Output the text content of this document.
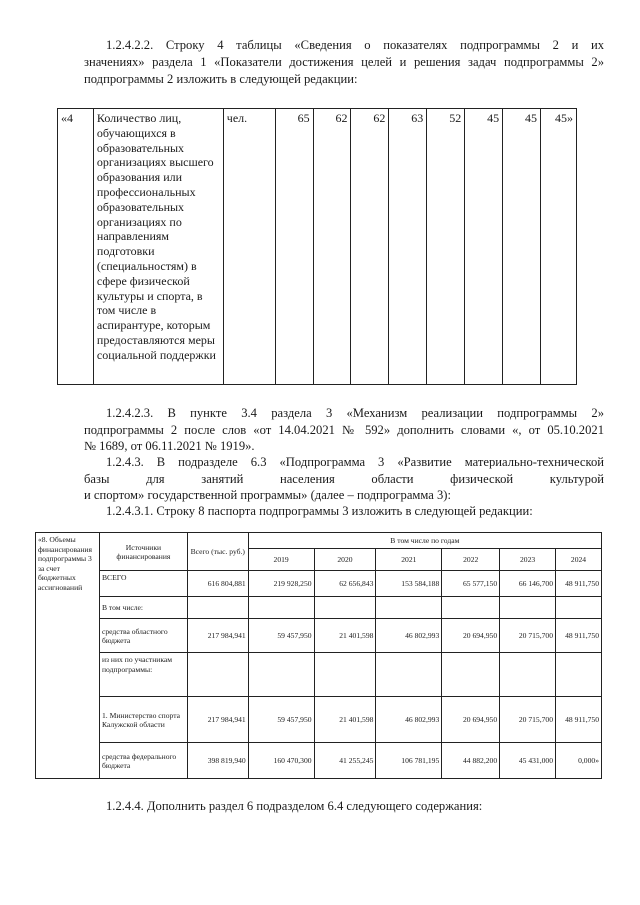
1.2.4.2.2. Строку 4 таблицы «Сведения о показателях подпрограммы 2 и их
значениях» раздела 1 «Показатели достижения целей и решения задач подпрограммы 2»
подпрограммы 2 изложить в следующей редакции:
«4	Количество лиц, обучающихся в образовательных организациях высшего образования или профессиональных образовательных организациях по направлениям подготовки (специальностям) в сфере физической культуры и спорта, в том числе в аспирантуре, которым предоставляются меры социальной поддержки	чел.	65	62	62	63	52	45	45	45»
1.2.4.2.3. В пункте 3.4 раздела 3 «Механизм реализации подпрограммы 2»
подпрограммы 2 после слов «от 14.04.2021 № 592» дополнить словами «, от 05.10.2021
№ 1689, от 06.11.2021 № 1919».
1.2.4.3. В подразделе 6.3 «Подпрограмма 3 «Развитие материально-технической
базы для занятий населения области физической культурой
и спортом» государственной программы» (далее – подпрограмма 3):
1.2.4.3.1. Строку 8 паспорта подпрограммы 3 изложить в следующей редакции:
«8. Объемы финансирования подпрограммы 3 за счет бюджетных ассигнований	Источники финансирования	Всего (тыс. руб.)	В том числе по годам					
			2019	2020	2021	2022	2023	2024
	ВСЕГО	616 804,881	219 928,250	62 656,843	153 584,188	65 577,150	66 146,700	48 911,750
	В том числе:							
	средства областного бюджета	217 984,941	59 457,950	21 401,598	46 802,993	20 694,950	20 715,700	48 911,750
	из них по участникам подпрограммы:							
	1. Министерство спорта Калужской области	217 984,941	59 457,950	21 401,598	46 802,993	20 694,950	20 715,700	48 911,750
	средства федерального бюджета	398 819,940	160 470,300	41 255,245	106 781,195	44 882,200	45 431,000	0,000»
1.2.4.4. Дополнить раздел 6 подразделом 6.4 следующего содержания:
